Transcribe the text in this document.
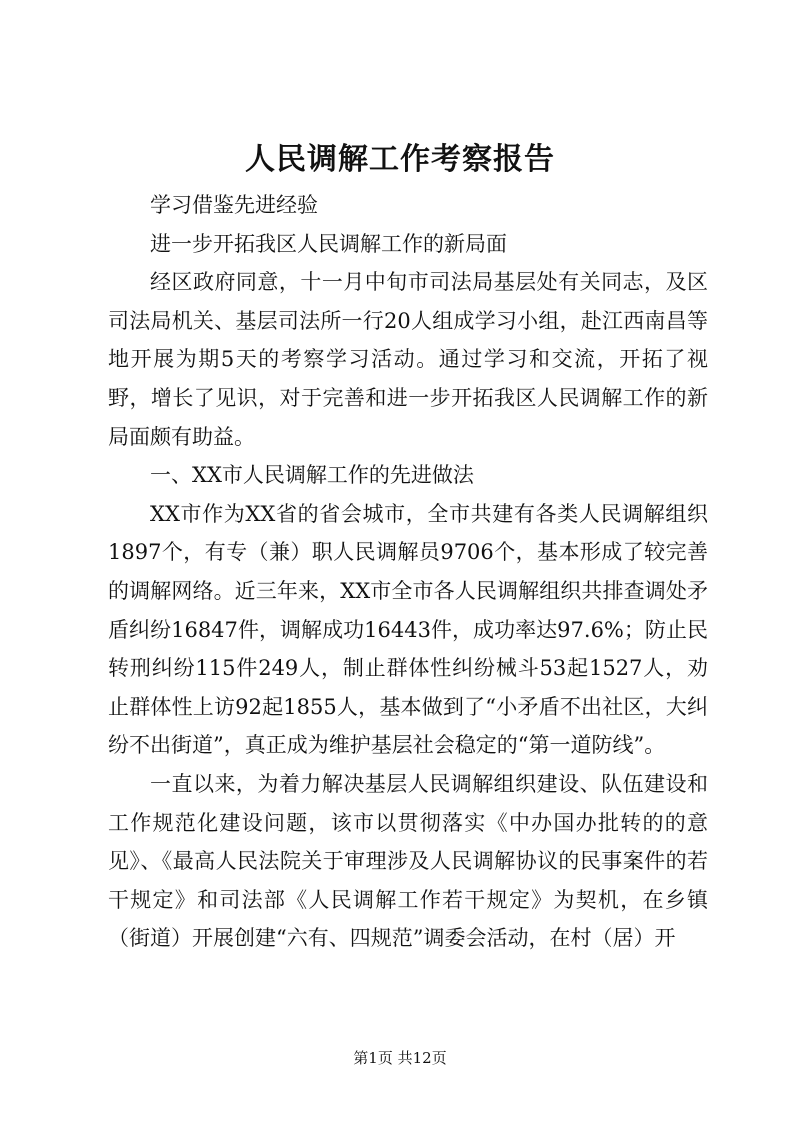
人民调解工作考察报告

学习借鉴先进经验

进一步开拓我区人民调解工作的新局面

经区政府同意，十一月中旬市司法局基层处有关同志，及区司法局机关、基层司法所一行20人组成学习小组，赴江西南昌等地开展为期5天的考察学习活动。通过学习和交流，开拓了视野，增长了见识，对于完善和进一步开拓我区人民调解工作的新局面颇有助益。

一、XX市人民调解工作的先进做法

XX市作为XX省的省会城市，全市共建有各类人民调解组织1897个，有专（兼）职人民调解员9706个，基本形成了较完善的调解网络。近三年来，XX市全市各人民调解组织共排查调处矛盾纠纷16847件，调解成功16443件，成功率达97.6%；防止民转刑纠纷115件249人，制止群体性纠纷械斗53起1527人，劝止群体性上访92起1855人，基本做到了“小矛盾不出社区，大纠纷不出街道”，真正成为维护基层社会稳定的“第一道防线”。

一直以来，为着力解决基层人民调解组织建设、队伍建设和工作规范化建设问题，该市以贯彻落实《中办国办批转的的意见》、《最高人民法院关于审理涉及人民调解协议的民事案件的若干规定》和司法部《人民调解工作若干规定》为契机，在乡镇（街道）开展创建“六有、四规范”调委会活动，在村（居）开

第1页 共12页
